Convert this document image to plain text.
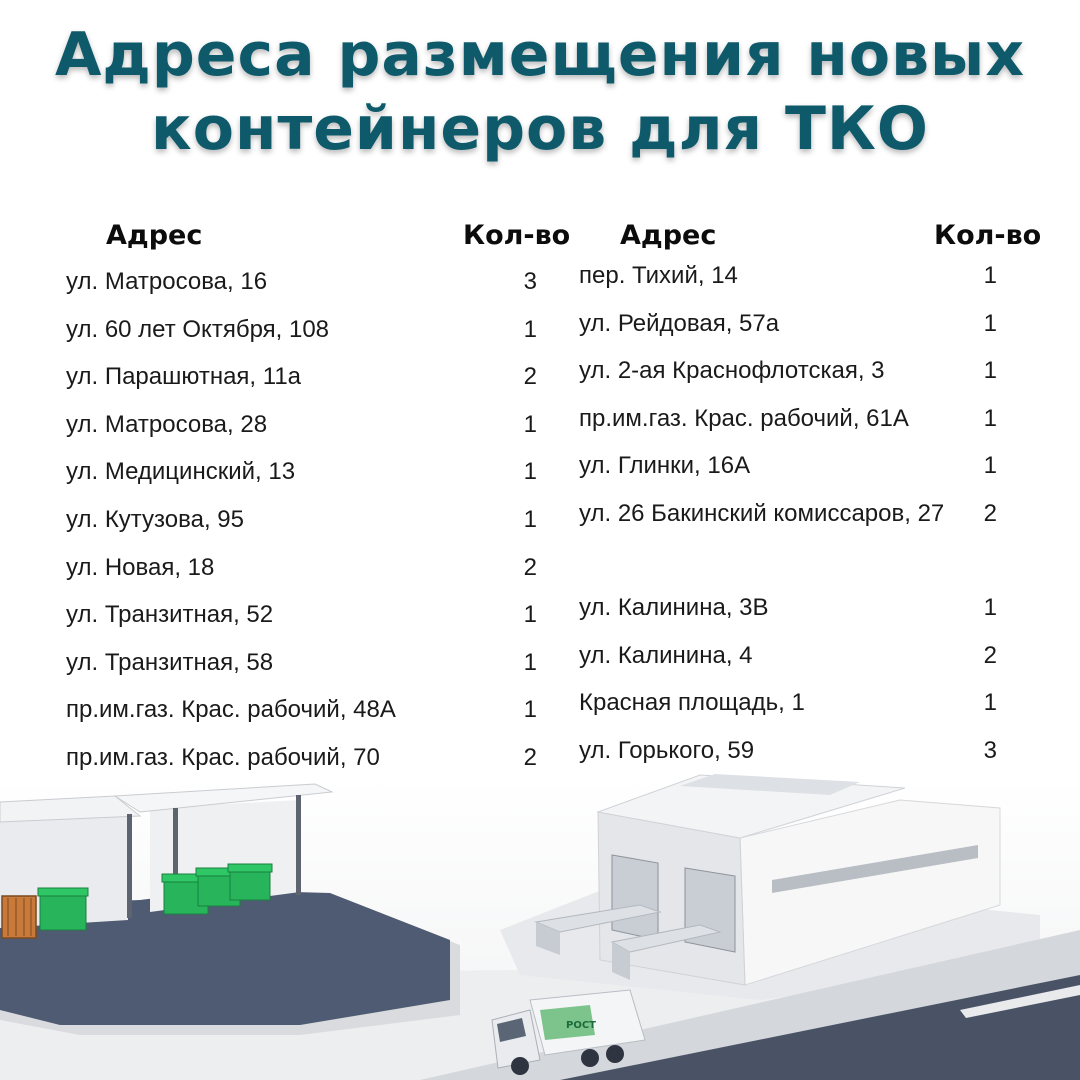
Адреса размещения новых
контейнеров для ТКО
Адрес	Кол-во Адрес	Кол-во
ул. Матросова, 16	3
ул. 60 лет Октября, 108	1
ул. Парашютная, 11а	2
ул. Матросова, 28	1
ул. Медицинский, 13	1
ул. Кутузова, 95	1
ул. Новая, 18	2
ул. Транзитная, 52	1
ул. Транзитная, 58	1
пр.им.газ. Крас. рабочий, 48А	1
пр.им.газ. Крас. рабочий, 70	2
пер. Тихий, 14	1
ул. Рейдовая, 57а	1
ул. 2-ая Краснофлотская, 3	1
пр.им.газ. Крас. рабочий, 61А	1
ул. Глинки, 16А	1
ул. 26 Бакинский комиссаров, 27	2
ул. Калинина, 3В	1
ул. Калинина, 4	2
Красная площадь, 1	1
ул. Горького, 59	3
РОСТ
